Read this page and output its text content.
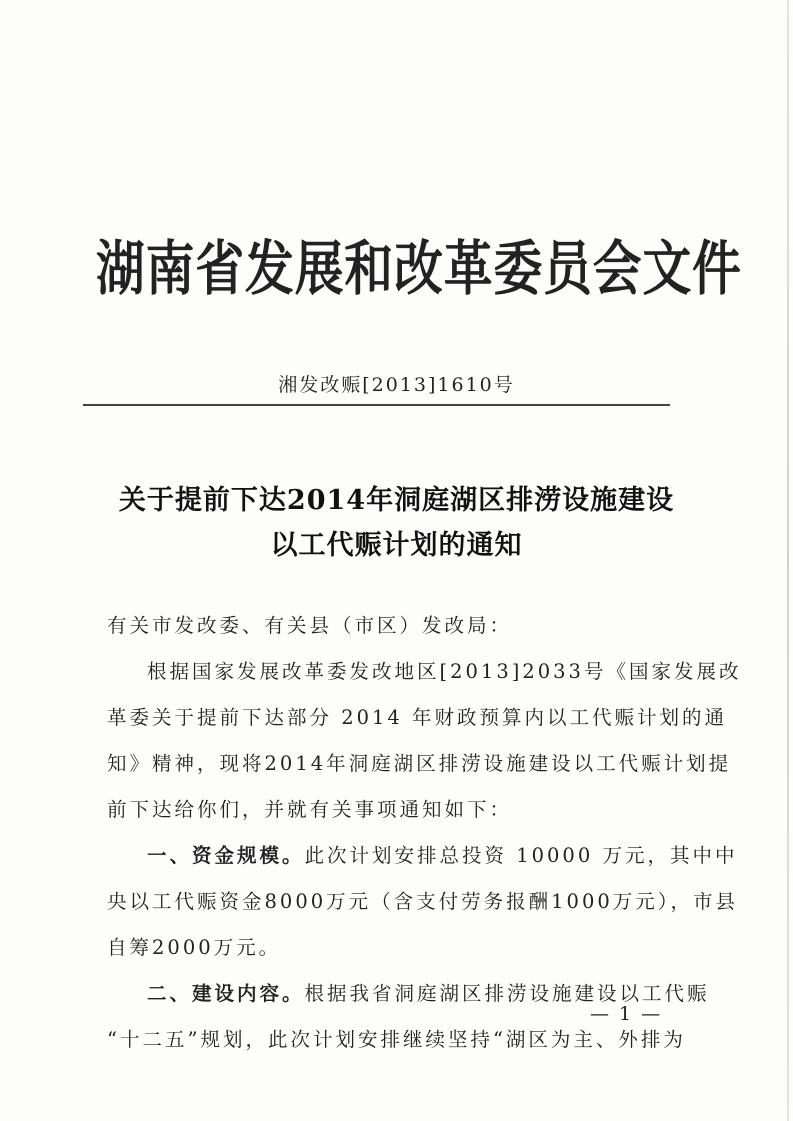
湖南省发展和改革委员会文件
湘发改赈[2013]1610号
关于提前下达2014年洞庭湖区排涝设施建设
以工代赈计划的通知
有关市发改委、有关县（市区）发改局：
根据国家发展改革委发改地区[2013]2033号《国家发展改
革委关于提前下达部分 2014 年财政预算内以工代赈计划的通
知》精神，现将2014年洞庭湖区排涝设施建设以工代赈计划提
前下达给你们，并就有关事项通知如下：
一、资金规模。此次计划安排总投资 10000 万元，其中中
央以工代赈资金8000万元（含支付劳务报酬1000万元），市县
自筹2000万元。
二、建设内容。根据我省洞庭湖区排涝设施建设以工代赈
“十二五”规划，此次计划安排继续坚持“湖区为主、外排为
— 1 —
